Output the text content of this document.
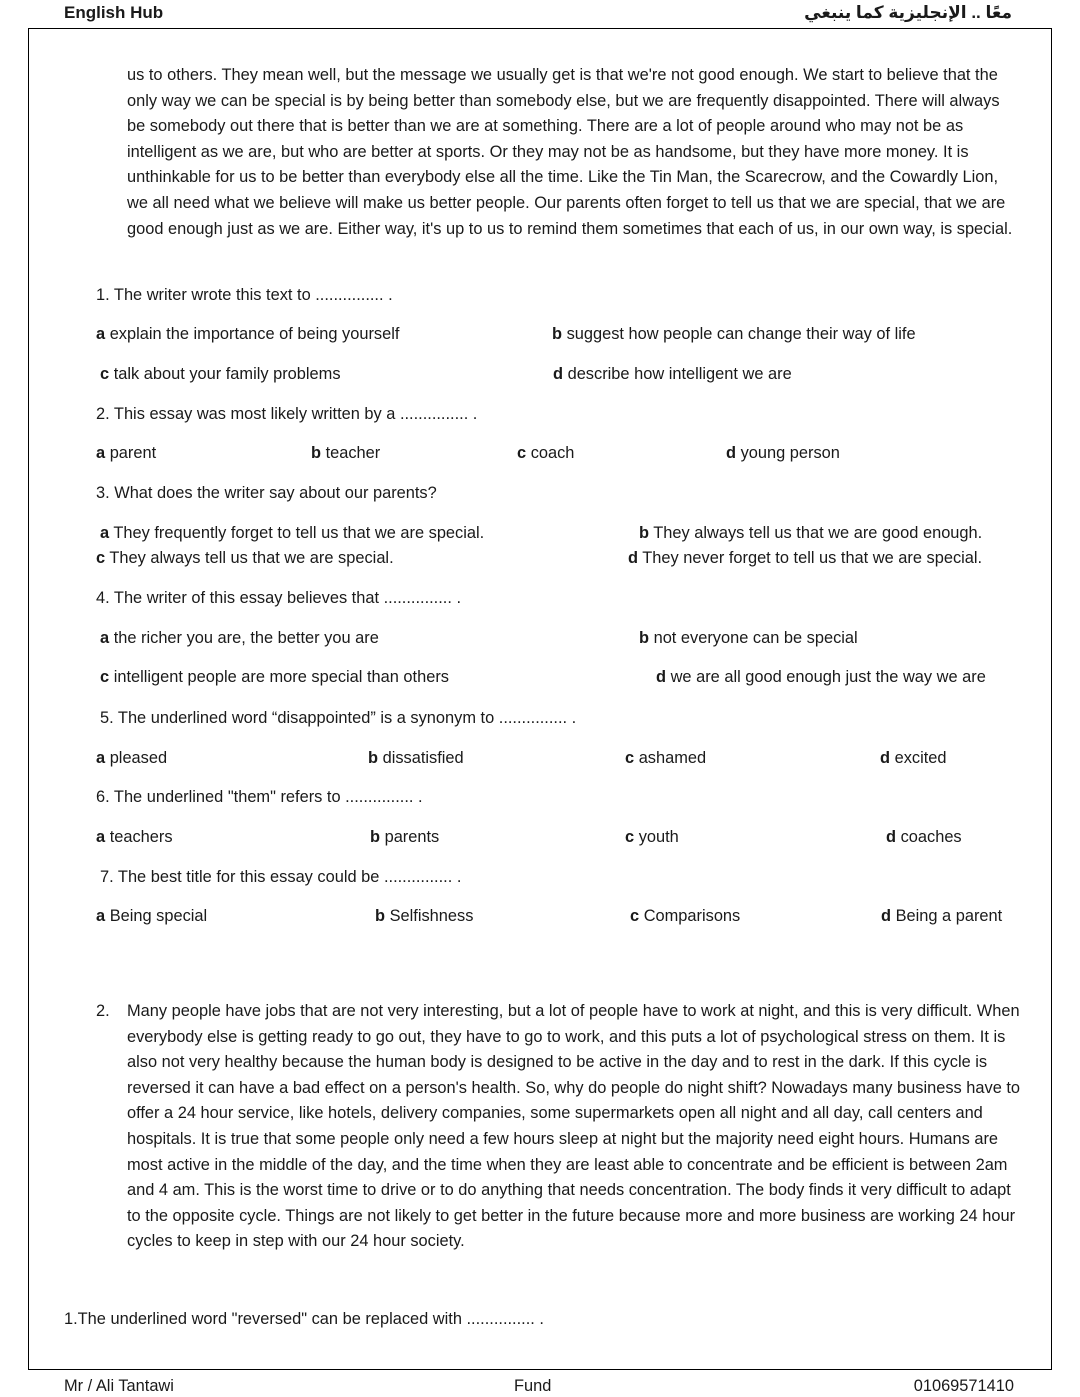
English Hub	معًا .. الإنجليزية كما ينبغي

us to others. They mean well, but the message we usually get is that we're not good enough. We start to believe that the only way we can be special is by being better than somebody else, but we are frequently disappointed. There will always be somebody out there that is better than we are at something. There are a lot of people around who may not be as intelligent as we are, but who are better at sports. Or they may not be as handsome, but they have more money. It is unthinkable for us to be better than everybody else all the time. Like the Tin Man, the Scarecrow, and the Cowardly Lion, we all need what we believe will make us better people. Our parents often forget to tell us that we are special, that we are good enough just as we are. Either way, it's up to us to remind them sometimes that each of us, in our own way, is special.

1. The writer wrote this text to ............... .
a explain the importance of being yourself	b suggest how people can change their way of life
c talk about your family problems	d describe how intelligent we are
2. This essay was most likely written by a ............... .
a parent	b teacher	c coach	d young person
3. What does the writer say about our parents?
a They frequently forget to tell us that we are special.	b They always tell us that we are good enough.
c They always tell us that we are special.	d They never forget to tell us that we are special.
4. The writer of this essay believes that ............... .
a the richer you are, the better you are	b not everyone can be special
c intelligent people are more special than others	d we are all good enough just the way we are
5. The underlined word “disappointed” is a synonym to ............... .
a pleased	b dissatisfied	c ashamed	d excited
6. The underlined "them" refers to ............... .
a teachers	b parents	c youth	d coaches
7. The best title for this essay could be ............... .
a Being special	b Selfishness	c Comparisons	d Being a parent
2. Many people have jobs that are not very interesting, but a lot of people have to work at night, and this is very difficult. When everybody else is getting ready to go out, they have to go to work, and this puts a lot of psychological stress on them. It is also not very healthy because the human body is designed to be active in the day and to rest in the dark. If this cycle is reversed it can have a bad effect on a person's health. So, why do people do night shift? Nowadays many business have to offer a 24 hour service, like hotels, delivery companies, some supermarkets open all night and all day, call centers and hospitals. It is true that some people only need a few hours sleep at night but the majority need eight hours. Humans are most active in the middle of the day, and the time when they are least able to concentrate and be efficient is between 2am and 4 am. This is the worst time to drive or to do anything that needs concentration. The body finds it very difficult to adapt to the opposite cycle. Things are not likely to get better in the future because more and more business are working 24 hour cycles to keep in step with our 24 hour society.

1.The underlined word "reversed" can be replaced with ............... .
Mr / Ali Tantawi	Fund	01069571410
